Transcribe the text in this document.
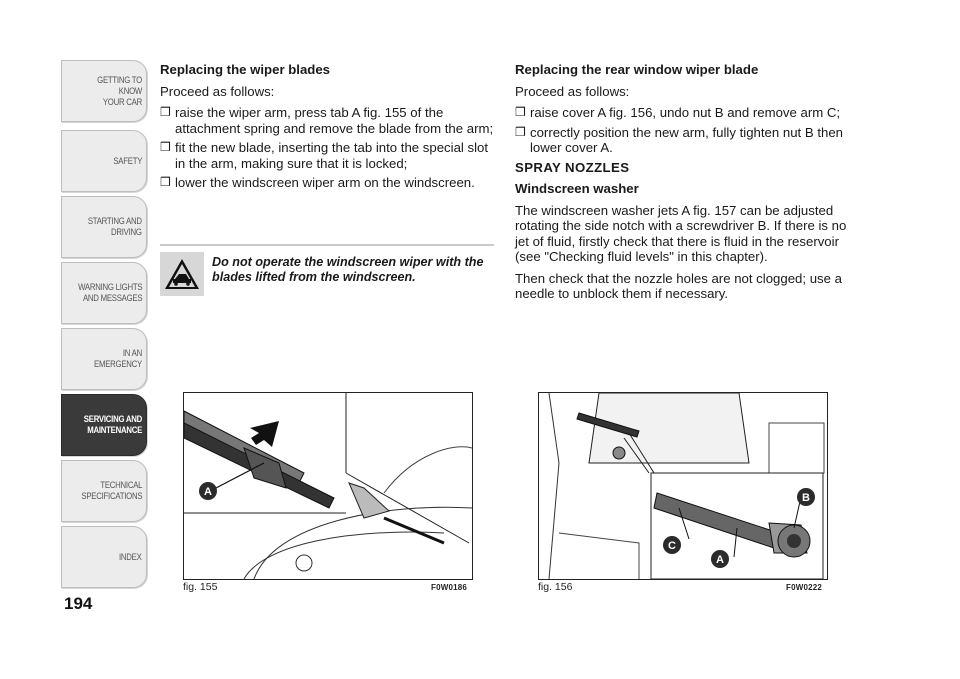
GETTING TO KNOW
YOUR CAR
SAFETY
STARTING AND
DRIVING
WARNING LIGHTS
AND MESSAGES
IN AN EMERGENCY
SERVICING AND
MAINTENANCE
TECHNICAL
SPECIFICATIONS
INDEX
194

Replacing the wiper blades

Proceed as follows:

❒ raise the wiper arm, press tab A fig. 155 of the attachment spring and remove the blade from the arm;
❒ fit the new blade, inserting the tab into the special slot in the arm, making sure that it is locked;
❒ lower the windscreen wiper arm on the windscreen.
Do not operate the windscreen wiper with the blades lifted from the windscreen.

Replacing the rear window wiper blade

Proceed as follows:

❒ raise cover A fig. 156, undo nut B and remove arm C;
❒ correctly position the new arm, fully tighten nut B then lower cover A.

SPRAY NOZZLES

Windscreen washer

The windscreen washer jets A fig. 157 can be adjusted rotating the side notch with a screwdriver B. If there is no jet of fluid, firstly check that there is fluid in the reservoir (see "Checking fluid levels" in this chapter).

Then check that the nozzle holes are not clogged; use a needle to unblock them if necessary.

A
fig. 155	F0W0186
B
C
A
fig. 156	F0W0222
